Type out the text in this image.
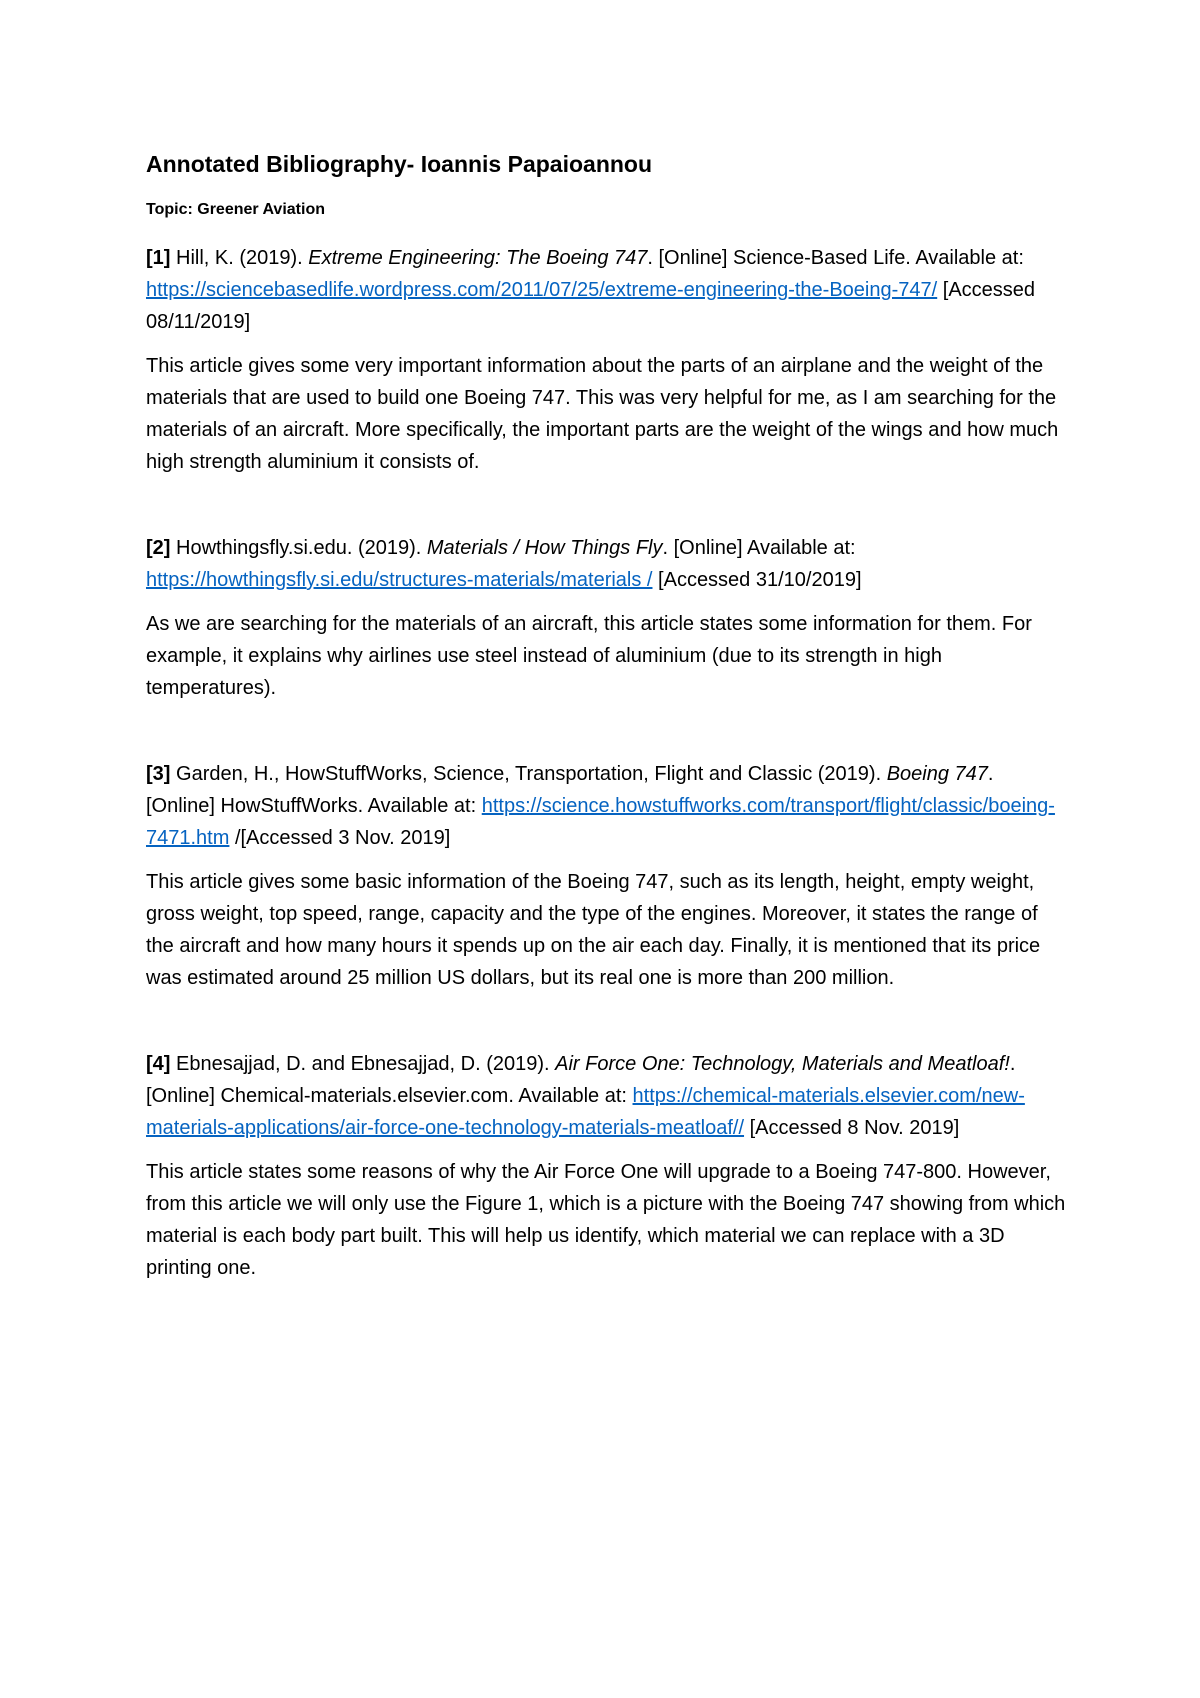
Annotated Bibliography- Ioannis Papaioannou

Topic: Greener Aviation

[1] Hill, K. (2019). Extreme Engineering: The Boeing 747. [Online] Science-Based Life. Available at: https://sciencebasedlife.wordpress.com/2011/07/25/extreme-engineering-the-Boeing-747/ [Accessed 08/11/2019]

This article gives some very important information about the parts of an airplane and the weight of the materials that are used to build one Boeing 747. This was very helpful for me, as I am searching for the materials of an aircraft. More specifically, the important parts are the weight of the wings and how much high strength aluminium it consists of.

[2] Howthingsfly.si.edu. (2019). Materials / How Things Fly. [Online] Available at: https://howthingsfly.si.edu/structures-materials/materials / [Accessed 31/10/2019]

As we are searching for the materials of an aircraft, this article states some information for them. For example, it explains why airlines use steel instead of aluminium (due to its strength in high temperatures).

[3] Garden, H., HowStuffWorks, Science, Transportation, Flight and Classic (2019). Boeing 747. [Online] HowStuffWorks. Available at: https://science.howstuffworks.com/transport/flight/classic/boeing-7471.htm /[Accessed 3 Nov. 2019]

This article gives some basic information of the Boeing 747, such as its length, height, empty weight, gross weight, top speed, range, capacity and the type of the engines. Moreover, it states the range of the aircraft and how many hours it spends up on the air each day. Finally, it is mentioned that its price was estimated around 25 million US dollars, but its real one is more than 200 million.

[4] Ebnesajjad, D. and Ebnesajjad, D. (2019). Air Force One: Technology, Materials and Meatloaf!. [Online] Chemical-materials.elsevier.com. Available at: https://chemical-materials.elsevier.com/new-materials-applications/air-force-one-technology-materials-meatloaf// [Accessed 8 Nov. 2019]

This article states some reasons of why the Air Force One will upgrade to a Boeing 747-800. However, from this article we will only use the Figure 1, which is a picture with the Boeing 747 showing from which material is each body part built. This will help us identify, which material we can replace with a 3D printing one.
